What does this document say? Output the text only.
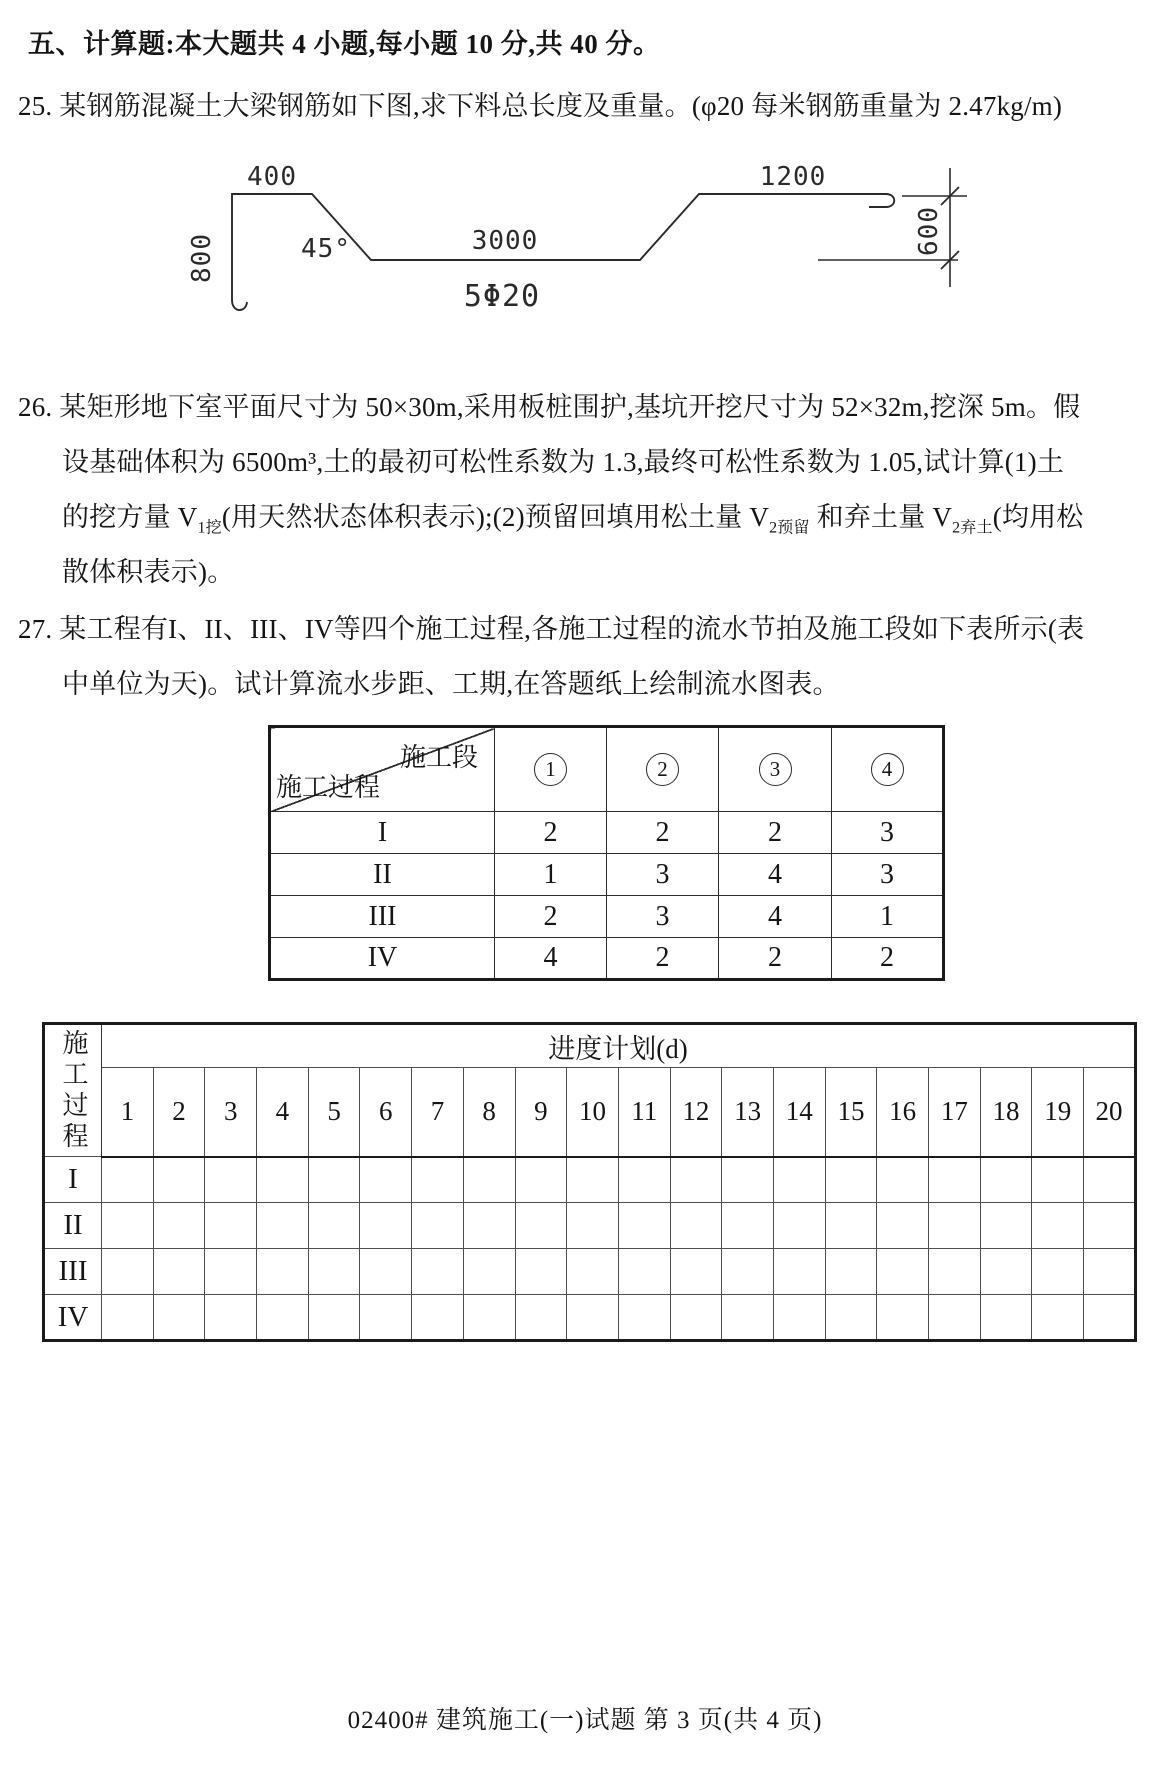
五、计算题:本大题共 4 小题,每小题 10 分,共 40 分。
25. 某钢筋混凝土大梁钢筋如下图,求下料总长度及重量。(φ20 每米钢筋重量为 2.47kg/m)
400
800	45°	3000
5Φ20
1200
600
26. 某矩形地下室平面尺寸为 50×30m,采用板桩围护,基坑开挖尺寸为 52×32m,挖深 5m。假
设基础体积为 6500m³,土的最初可松性系数为 1.3,最终可松性系数为 1.05,试计算(1)土
的挖方量 $V_{1挖}$(用天然状态体积表示);(2)预留回填用松土量 $V_{2预留}$ 和弃土量 $V_{2弃土}$(均用松
散体积表示)。
27. 某工程有I、II、III、IV等四个施工过程,各施工过程的流水节拍及施工段如下表所示(表
中单位为天)。试计算流水步距、工期,在答题纸上绘制流水图表。
施工段
施工过程	1	2	3	4
I	2	2	2	3
II	1	3	4	3
III	2	3	4	1
IV	4	2	2	2
施工过程	进度计划(d)																			
	1	2	3	4	5	6	7	8	9	10	11	12	13	14	15	16	17	18	19	20
I																				
II																				
III																				
IV																				
02400# 建筑施工(一)试题 第 3 页(共 4 页)
